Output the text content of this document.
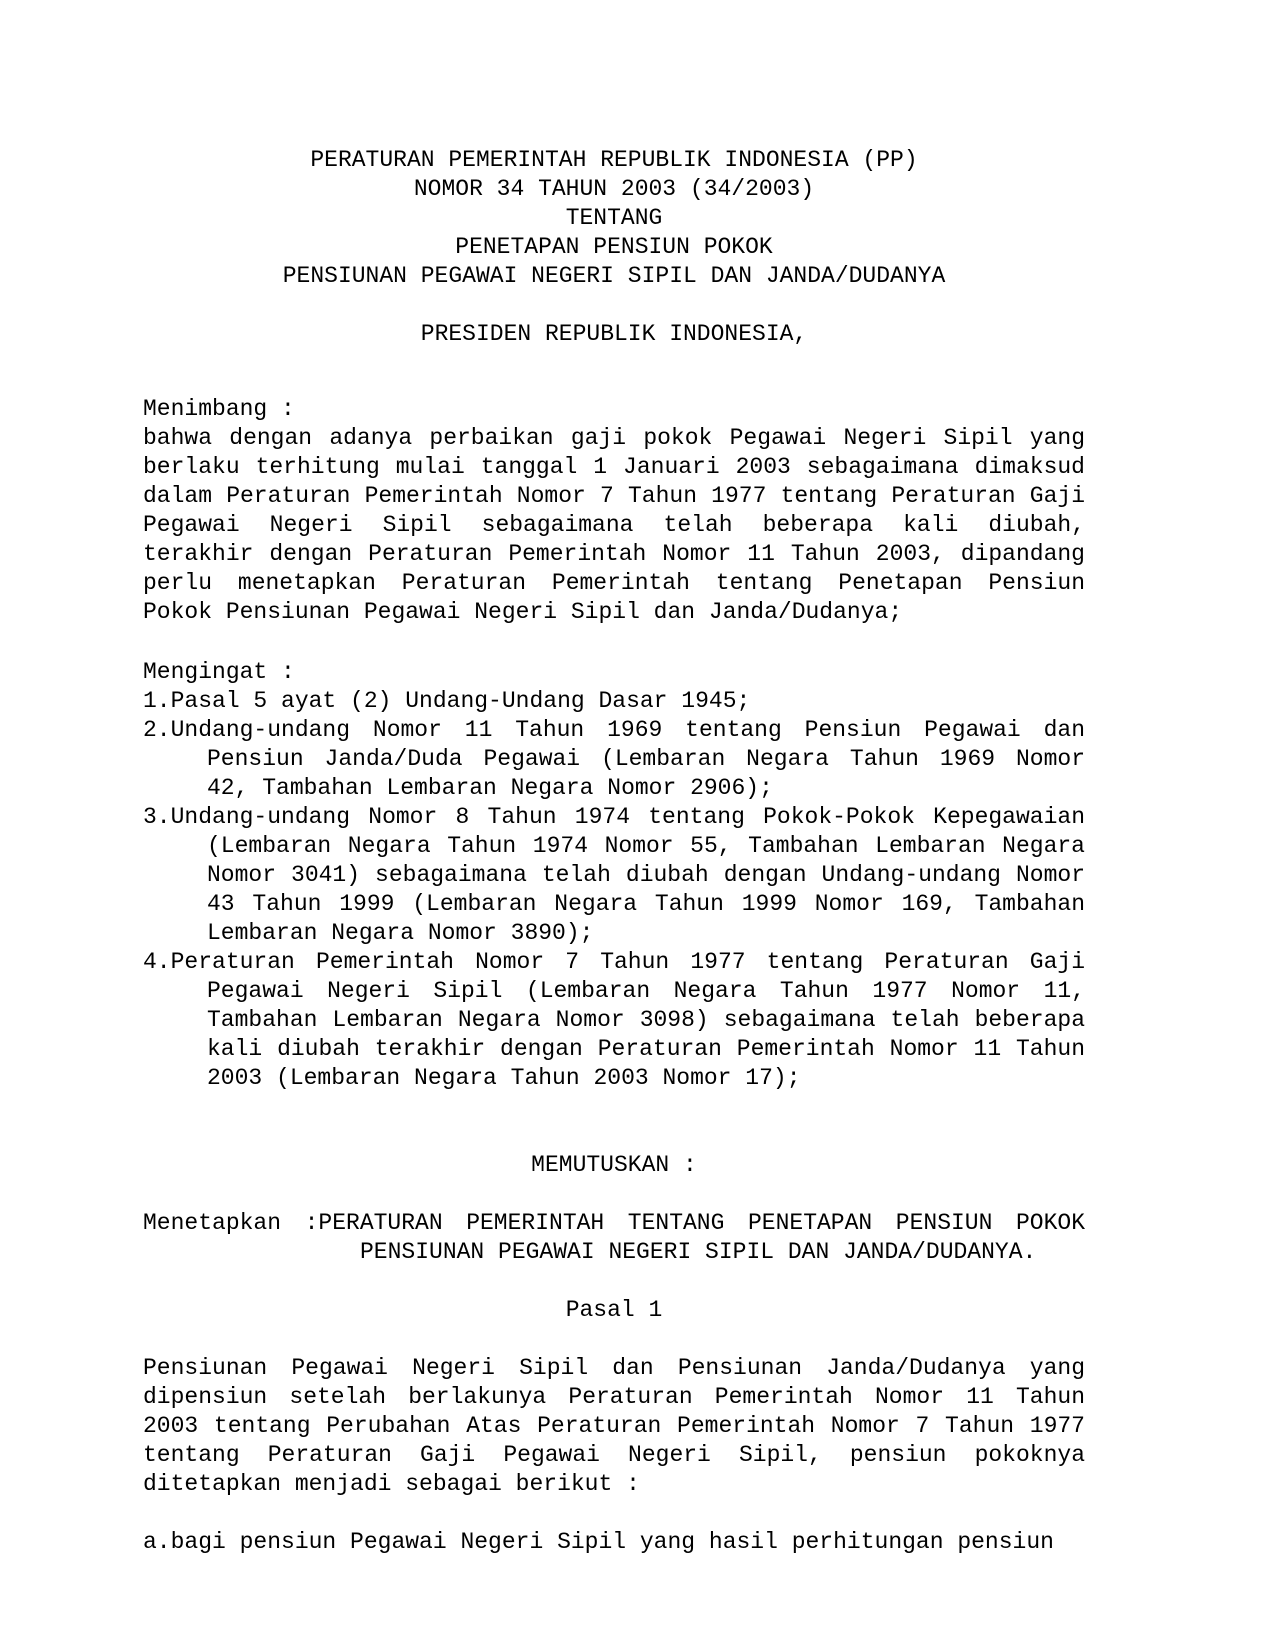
PERATURAN PEMERINTAH REPUBLIK INDONESIA (PP)
NOMOR 34 TAHUN 2003 (34/2003)
TENTANG
PENETAPAN PENSIUN POKOK
PENSIUNAN PEGAWAI NEGERI SIPIL DAN JANDA/DUDANYA
PRESIDEN REPUBLIK INDONESIA,
Menimbang :
bahwa dengan adanya perbaikan gaji pokok Pegawai Negeri Sipil yang berlaku terhitung mulai tanggal 1 Januari 2003 sebagaimana dimaksud dalam Peraturan Pemerintah Nomor 7 Tahun 1977 tentang Peraturan Gaji Pegawai Negeri Sipil sebagaimana telah beberapa kali diubah, terakhir dengan Peraturan Pemerintah Nomor 11 Tahun 2003, dipandang perlu menetapkan Peraturan Pemerintah tentang Penetapan Pensiun Pokok Pensiunan Pegawai Negeri Sipil dan Janda/Dudanya;
Mengingat :
1.Pasal 5 ayat (2) Undang-Undang Dasar 1945;
2.Undang-undang Nomor 11 Tahun 1969 tentang Pensiun Pegawai dan Pensiun Janda/Duda Pegawai (Lembaran Negara Tahun 1969 Nomor 42, Tambahan Lembaran Negara Nomor 2906);
3.Undang-undang Nomor 8 Tahun 1974 tentang Pokok-Pokok Kepegawaian (Lembaran Negara Tahun 1974 Nomor 55, Tambahan Lembaran Negara Nomor 3041) sebagaimana telah diubah dengan Undang-undang Nomor 43 Tahun 1999 (Lembaran Negara Tahun 1999 Nomor 169, Tambahan Lembaran Negara Nomor 3890);
4.Peraturan Pemerintah Nomor 7 Tahun 1977 tentang Peraturan Gaji Pegawai Negeri Sipil (Lembaran Negara Tahun 1977 Nomor 11, Tambahan Lembaran Negara Nomor 3098) sebagaimana telah beberapa kali diubah terakhir dengan Peraturan Pemerintah Nomor 11 Tahun 2003 (Lembaran Negara Tahun 2003 Nomor 17);
MEMUTUSKAN :
Menetapkan :PERATURAN PEMERINTAH TENTANG PENETAPAN PENSIUN POKOK
PENSIUNAN PEGAWAI NEGERI SIPIL DAN JANDA/DUDANYA.
Pasal 1
Pensiunan Pegawai Negeri Sipil dan Pensiunan Janda/Dudanya yang dipensiun setelah berlakunya Peraturan Pemerintah Nomor 11 Tahun 2003 tentang Perubahan Atas Peraturan Pemerintah Nomor 7 Tahun 1977 tentang Peraturan Gaji Pegawai Negeri Sipil, pensiun pokoknya ditetapkan menjadi sebagai berikut :
a.bagi pensiun Pegawai Negeri Sipil yang hasil perhitungan pensiun
